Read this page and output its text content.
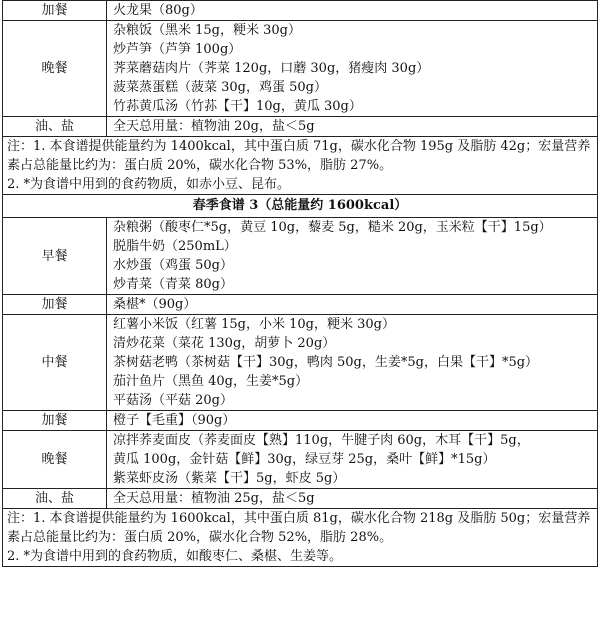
加餐	火龙果（80g）

晚餐	杂粮饭（黑米 15g，粳米 30g）
炒芦笋（芦笋 100g）
荠菜蘑菇肉片（荠菜 120g，口蘑 30g，猪瘦肉 30g）
菠菜蒸蛋糕（菠菜 30g，鸡蛋 50g）
竹荪黄瓜汤（竹荪【干】10g，黄瓜 30g）

油、盐	全天总用量：植物油 20g，盐＜5g

注：1. 本食谱提供能量约为 1400kcal，其中蛋白质 71g，碳水化合物 195g 及脂肪 42g；宏量营养素占总能量比约为：蛋白质 20%，碳水化合物 53%，脂肪 27%。
2. *为食谱中用到的食药物质，如赤小豆、昆布。	

春季食谱 3（总能量约 1600kcal）	
早餐	杂粮粥（酸枣仁*5g，黄豆 10g，藜麦 5g，糙米 20g，玉米粒【干】15g）
脱脂牛奶（250mL）
水炒蛋（鸡蛋 50g）
炒青菜（青菜 80g）

加餐	桑椹*（90g）

中餐	红薯小米饭（红薯 15g，小米 10g，粳米 30g）
清炒花菜（菜花 130g，胡萝卜 20g）
茶树菇老鸭（茶树菇【干】30g，鸭肉 50g，生姜*5g，白果【干】*5g）
茄汁鱼片（黑鱼 40g，生姜*5g）
平菇汤（平菇 20g）

加餐	橙子【毛重】（90g）

晚餐	凉拌荞麦面皮（荞麦面皮【熟】110g，牛腱子肉 60g，木耳【干】5g，
黄瓜 100g，金针菇【鲜】30g，绿豆芽 25g，桑叶【鲜】*15g）
紫菜虾皮汤（紫菜【干】5g，虾皮 5g）

油、盐	全天总用量：植物油 25g，盐＜5g

注：1. 本食谱提供能量约为 1600kcal，其中蛋白质 81g，碳水化合物 218g 及脂肪 50g；宏量营养素占总能量比约为：蛋白质 20%，碳水化合物 52%，脂肪 28%。
2. *为食谱中用到的食药物质，如酸枣仁、桑椹、生姜等。	
